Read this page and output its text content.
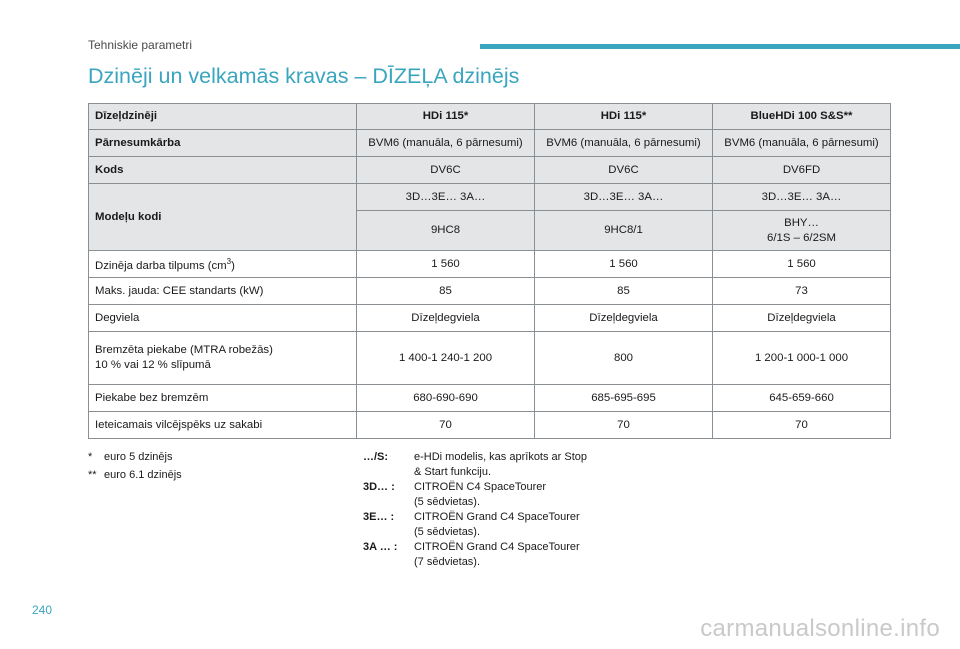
Tehniskie parametri
Dzinēji un velkamās kravas – DĪZEĻA dzinējs
Dīzeļdzinēji	HDi 115*	HDi 115*	BlueHDi 100 S&S**
Pārnesumkārba	BVM6 (manuāla, 6 pārnesumi)	BVM6 (manuāla, 6 pārnesumi)	BVM6 (manuāla, 6 pārnesumi)
Kods	DV6C	DV6C	DV6FD
Modeļu kodi	3D…3E… 3A…	3D…3E… 3A…	3D…3E… 3A…
	9HC8	9HC8/1	BHY…
6/1S – 6/2SM
Dzinēja darba tilpums $(cm^3)$	1 560	1 560	1 560
Maks. jauda: CEE standarts (kW)	85	85	73
Degviela	Dīzeļdegviela	Dīzeļdegviela	Dīzeļdegviela
Bremzēta piekabe (MTRA robežās)
10 % vai 12 % slīpumā	1 400-1 240-1 200	800	1 200-1 000-1 000
Piekabe bez bremzēm	680-690-690	685-695-695	645-659-660
Ieteicamais vilcējspēks uz sakabi	70	70	70
*	euro 5 dzinējs
** euro 6.1 dzinējs
…/S:	e-HDi modelis, kas aprīkots ar Stop
& Start funkciju.
3D… :	CITROËN C4 SpaceTourer
(5 sēdvietas).
3E… :	CITROËN Grand C4 SpaceTourer
(5 sēdvietas).
3A … :	CITROËN Grand C4 SpaceTourer
(7 sēdvietas).
240
carmanualsonline.info
